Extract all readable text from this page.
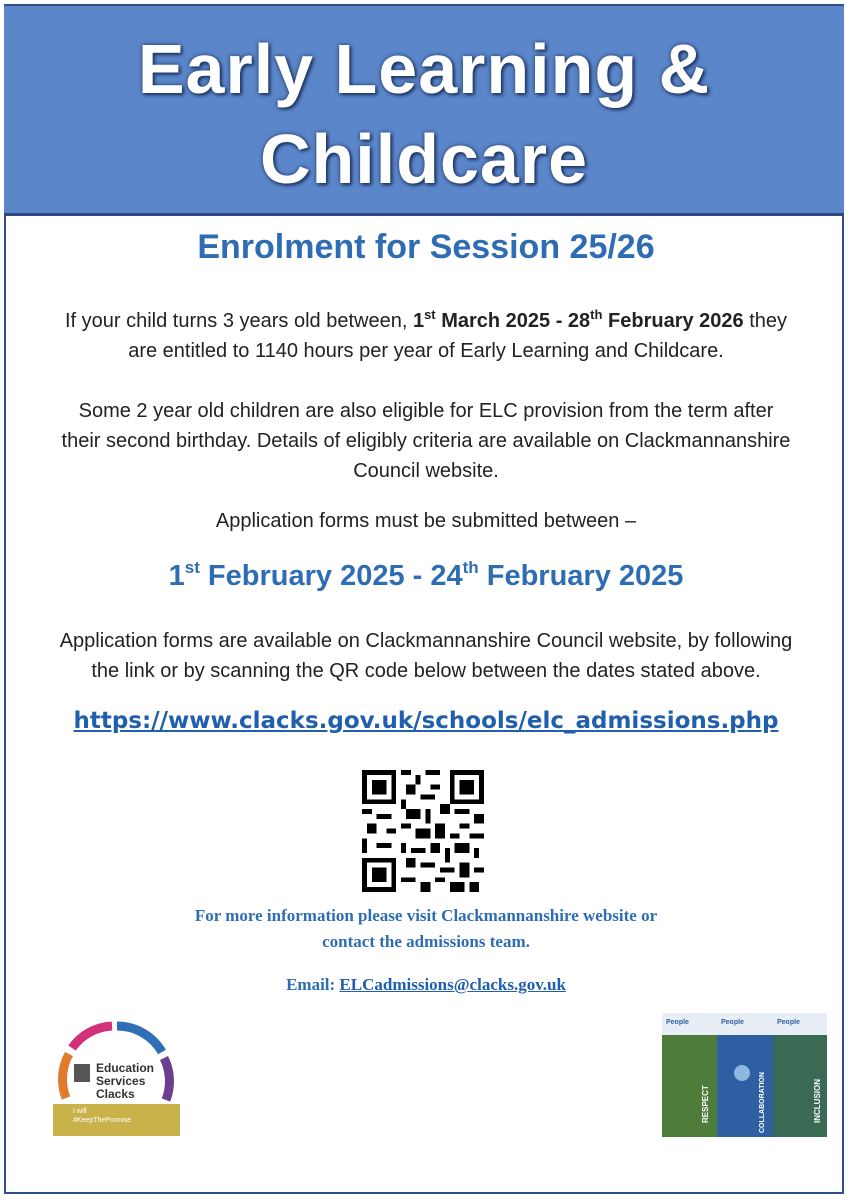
Early Learning &
Childcare
Enrolment for Session 25/26
If your child turns 3 years old between, 1st March 2025 - 28th February 2026 they
are entitled to 1140 hours per year of Early Learning and Childcare.
Some 2 year old children are also eligible for ELC provision from the term after
their second birthday. Details of eligibly criteria are available on Clackmannanshire
Council website.
Application forms must be submitted between –
1st February 2025 - 24th February 2025
Application forms are available on Clackmannanshire Council website, by following
the link or by scanning the QR code below between the dates stated above.
https://www.clacks.gov.uk/schools/elc_admissions.php
For more information please visit Clackmannanshire website or
contact the admissions team.
Email: ELCadmissions@clacks.gov.uk
Education
Services
Clacks
I will
#KeepThePromise
People	People	People
RESPECT	COLLABORATION	INCLUSION
